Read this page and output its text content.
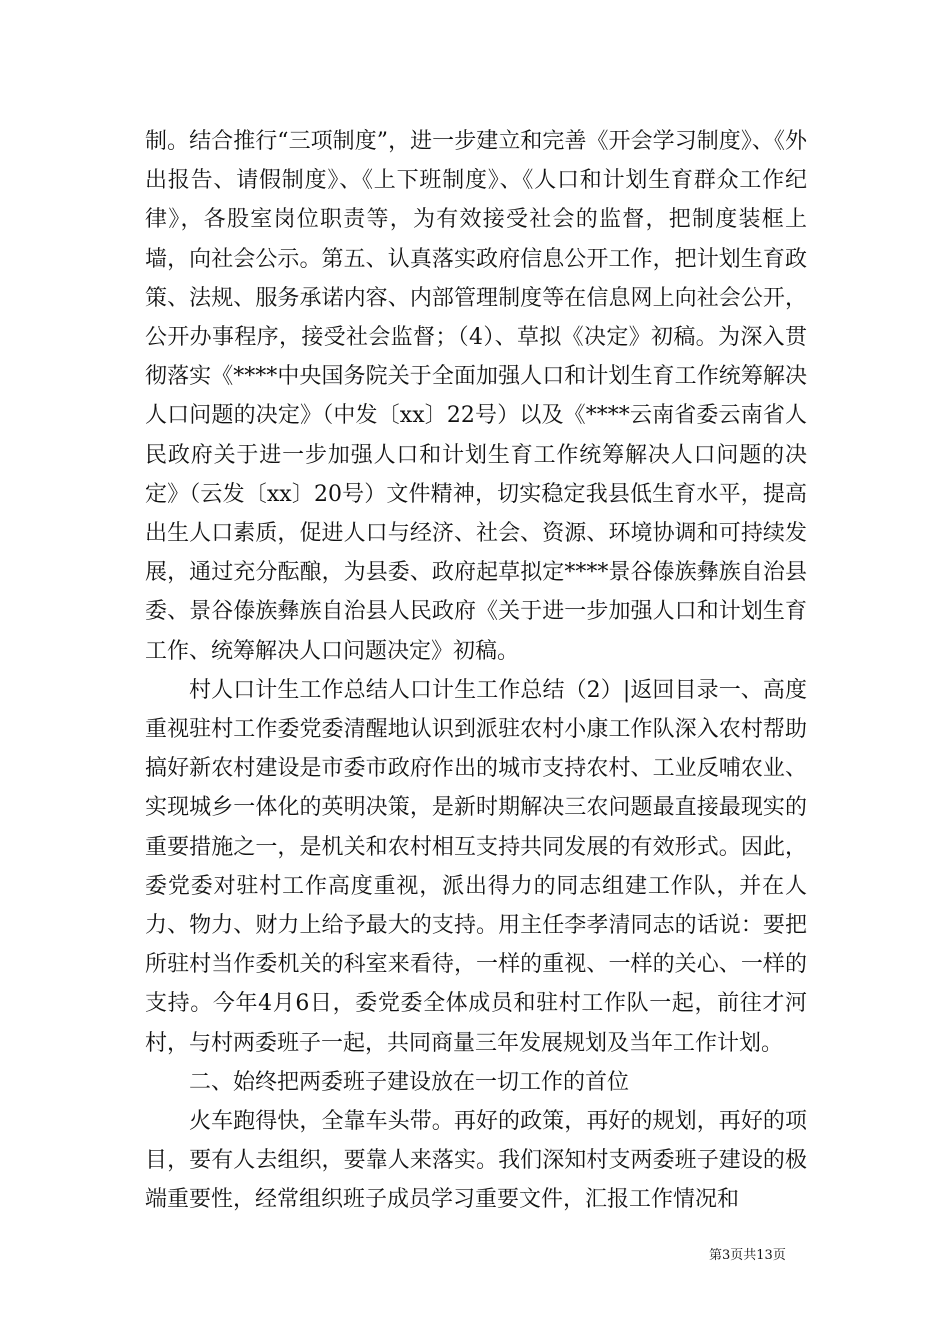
制。结合推行“三项制度”，进一步建立和完善《开会学习制度》、《外出报告、请假制度》、《上下班制度》、《人口和计划生育群众工作纪律》，各股室岗位职责等，为有效接受社会的监督，把制度装框上墙，向社会公示。第五、认真落实政府信息公开工作，把计划生育政策、法规、服务承诺内容、内部管理制度等在信息网上向社会公开，公开办事程序，接受社会监督；（4）、草拟《决定》初稿。为深入贯彻落实《****中央国务院关于全面加强人口和计划生育工作统筹解决人口问题的决定》（中发〔xx〕22号）以及《****云南省委云南省人民政府关于进一步加强人口和计划生育工作统筹解决人口问题的决定》（云发〔xx〕20号）文件精神，切实稳定我县低生育水平，提高出生人口素质，促进人口与经济、社会、资源、环境协调和可持续发展，通过充分酝酿，为县委、政府起草拟定****景谷傣族彝族自治县委、景谷傣族彝族自治县人民政府《关于进一步加强人口和计划生育工作、统筹解决人口问题决定》初稿。

村人口计生工作总结人口计生工作总结（2）|返回目录一、高度重视驻村工作委党委清醒地认识到派驻农村小康工作队深入农村帮助搞好新农村建设是市委市政府作出的城市支持农村、工业反哺农业、实现城乡一体化的英明决策，是新时期解决三农问题最直接最现实的重要措施之一，是机关和农村相互支持共同发展的有效形式。因此，委党委对驻村工作高度重视，派出得力的同志组建工作队，并在人力、物力、财力上给予最大的支持。用主任李孝清同志的话说：要把所驻村当作委机关的科室来看待，一样的重视、一样的关心、一样的支持。今年4月6日，委党委全体成员和驻村工作队一起，前往才河村，与村两委班子一起，共同商量三年发展规划及当年工作计划。

二、始终把两委班子建设放在一切工作的首位

火车跑得快，全靠车头带。再好的政策，再好的规划，再好的项目，要有人去组织，要靠人来落实。我们深知村支两委班子建设的极端重要性，经常组织班子成员学习重要文件，汇报工作情况和

第3页共13页
